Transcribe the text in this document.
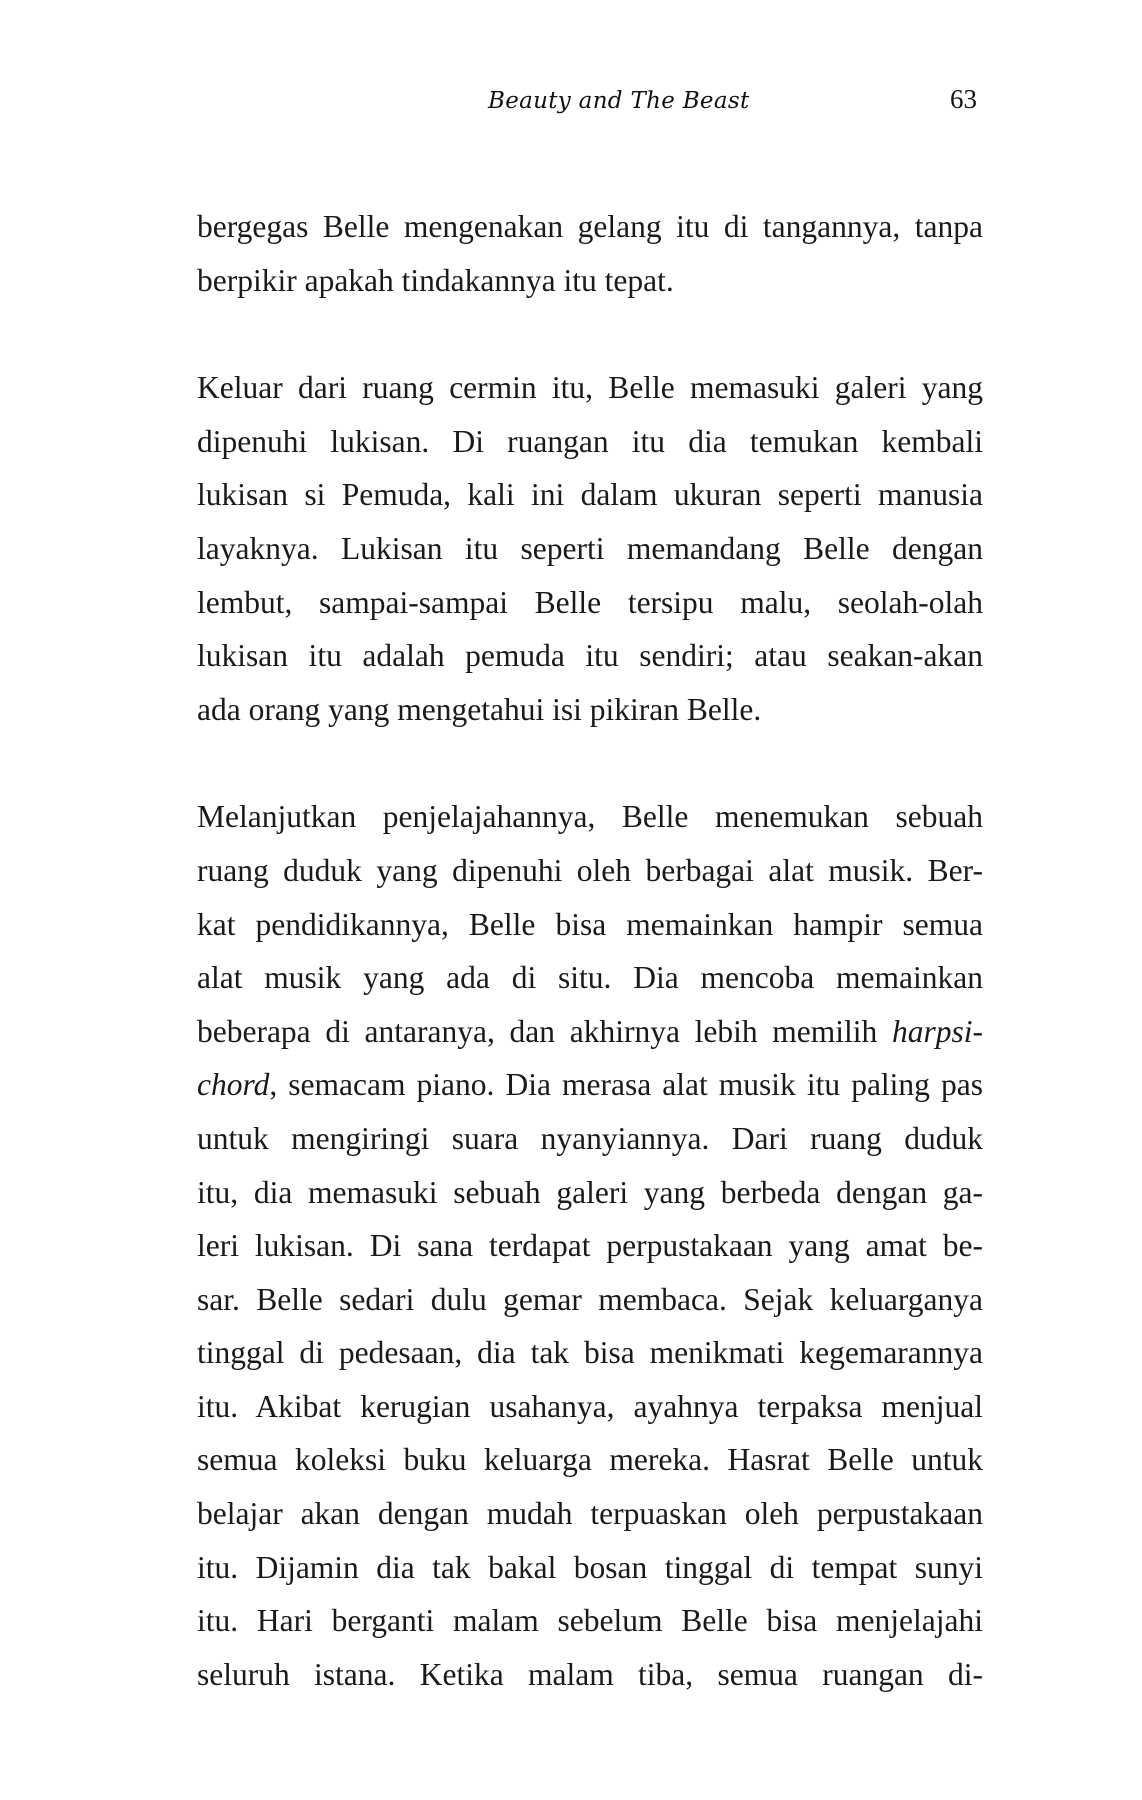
Beauty and The Beast	63
bergegas Belle mengenakan gelang itu di tangannya, tanpa
berpikir apakah tindakannya itu tepat.
Keluar dari ruang cermin itu, Belle memasuki galeri yang
dipenuhi lukisan. Di ruangan itu dia temukan kembali
lukisan si Pemuda, kali ini dalam ukuran seperti manusia
layaknya. Lukisan itu seperti memandang Belle dengan
lembut, sampai-sampai Belle tersipu malu, seolah-olah
lukisan itu adalah pemuda itu sendiri; atau seakan-akan
ada orang yang mengetahui isi pikiran Belle.
Melanjutkan penjelajahannya, Belle menemukan sebuah
ruang duduk yang dipenuhi oleh berbagai alat musik. Ber-
kat pendidikannya, Belle bisa memainkan hampir semua
alat musik yang ada di situ. Dia mencoba memainkan
beberapa di antaranya, dan akhirnya lebih memilih harpsi-
chord, semacam piano. Dia merasa alat musik itu paling pas
untuk mengiringi suara nyanyiannya. Dari ruang duduk
itu, dia memasuki sebuah galeri yang berbeda dengan ga-
leri lukisan. Di sana terdapat perpustakaan yang amat be-
sar. Belle sedari dulu gemar membaca. Sejak keluarganya
tinggal di pedesaan, dia tak bisa menikmati kegemarannya
itu. Akibat kerugian usahanya, ayahnya terpaksa menjual
semua koleksi buku keluarga mereka. Hasrat Belle untuk
belajar akan dengan mudah terpuaskan oleh perpustakaan
itu. Dijamin dia tak bakal bosan tinggal di tempat sunyi
itu. Hari berganti malam sebelum Belle bisa menjelajahi
seluruh istana. Ketika malam tiba, semua ruangan di-
